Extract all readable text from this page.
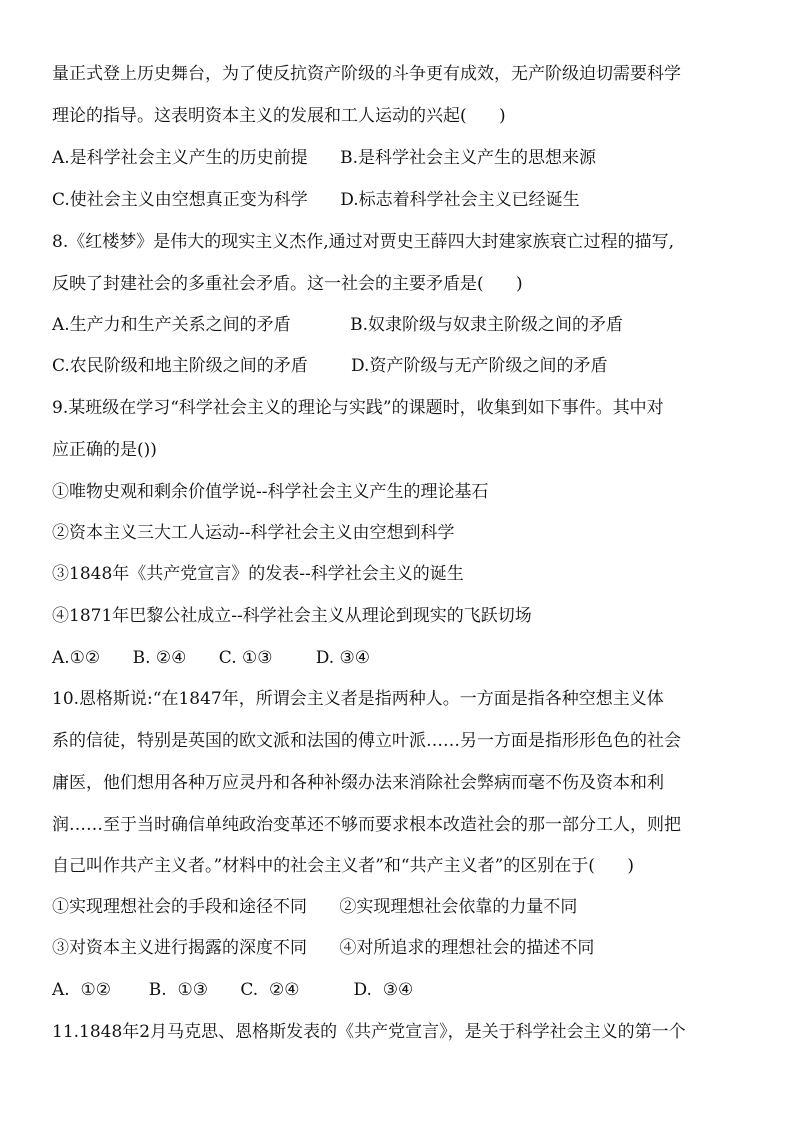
量正式登上历史舞台，为了使反抗资产阶级的斗争更有成效，无产阶级迫切需要科学
理论的指导。这表明资本主义的发展和工人运动的兴起(      )
A.是科学社会主义产生的历史前提      B.是科学社会主义产生的思想来源
C.使社会主义由空想真正变为科学      D.标志着科学社会主义已经诞生
8.《红楼梦》是伟大的现实主义杰作,通过对贾史王薛四大封建家族衰亡过程的描写,
反映了封建社会的多重社会矛盾。这一社会的主要矛盾是(      )
A.生产力和生产关系之间的矛盾           B.奴隶阶级与奴隶主阶级之间的矛盾
C.农民阶级和地主阶级之间的矛盾        D.资产阶级与无产阶级之间的矛盾
9.某班级在学习“科学社会主义的理论与实践”的课题时，收集到如下事件。其中对
应正确的是())
①唯物史观和剩余价值学说--科学社会主义产生的理论基石
②资本主义三大工人运动--科学社会主义由空想到科学
③1848年《共产党宣言》的发表--科学社会主义的诞生
④1871年巴黎公社成立--科学社会主义从理论到现实的飞跃切场
A.①②      B. ②④      C. ①③        D. ③④
10.恩格斯说:“在1847年，所谓会主义者是指两种人。一方面是指各种空想主义体
系的信徒，特别是英国的欧文派和法国的傅立叶派……另一方面是指形形色色的社会
庸医，他们想用各种万应灵丹和各种补缀办法来消除社会弊病而毫不伤及资本和利
润……至于当时确信单纯政治变革还不够而要求根本改造社会的那一部分工人，则把
自己叫作共产主义者。”材料中的社会主义者”和“共产主义者”的区别在于(      )
①实现理想社会的手段和途径不同      ②实现理想社会依靠的力量不同
③对资本主义进行揭露的深度不同      ④对所追求的理想社会的描述不同
A.  ①②       B.  ①③      C.  ②④          D.  ③④
11.1848年2月马克思、恩格斯发表的《共产党宣言》，是关于科学社会主义的第一个
